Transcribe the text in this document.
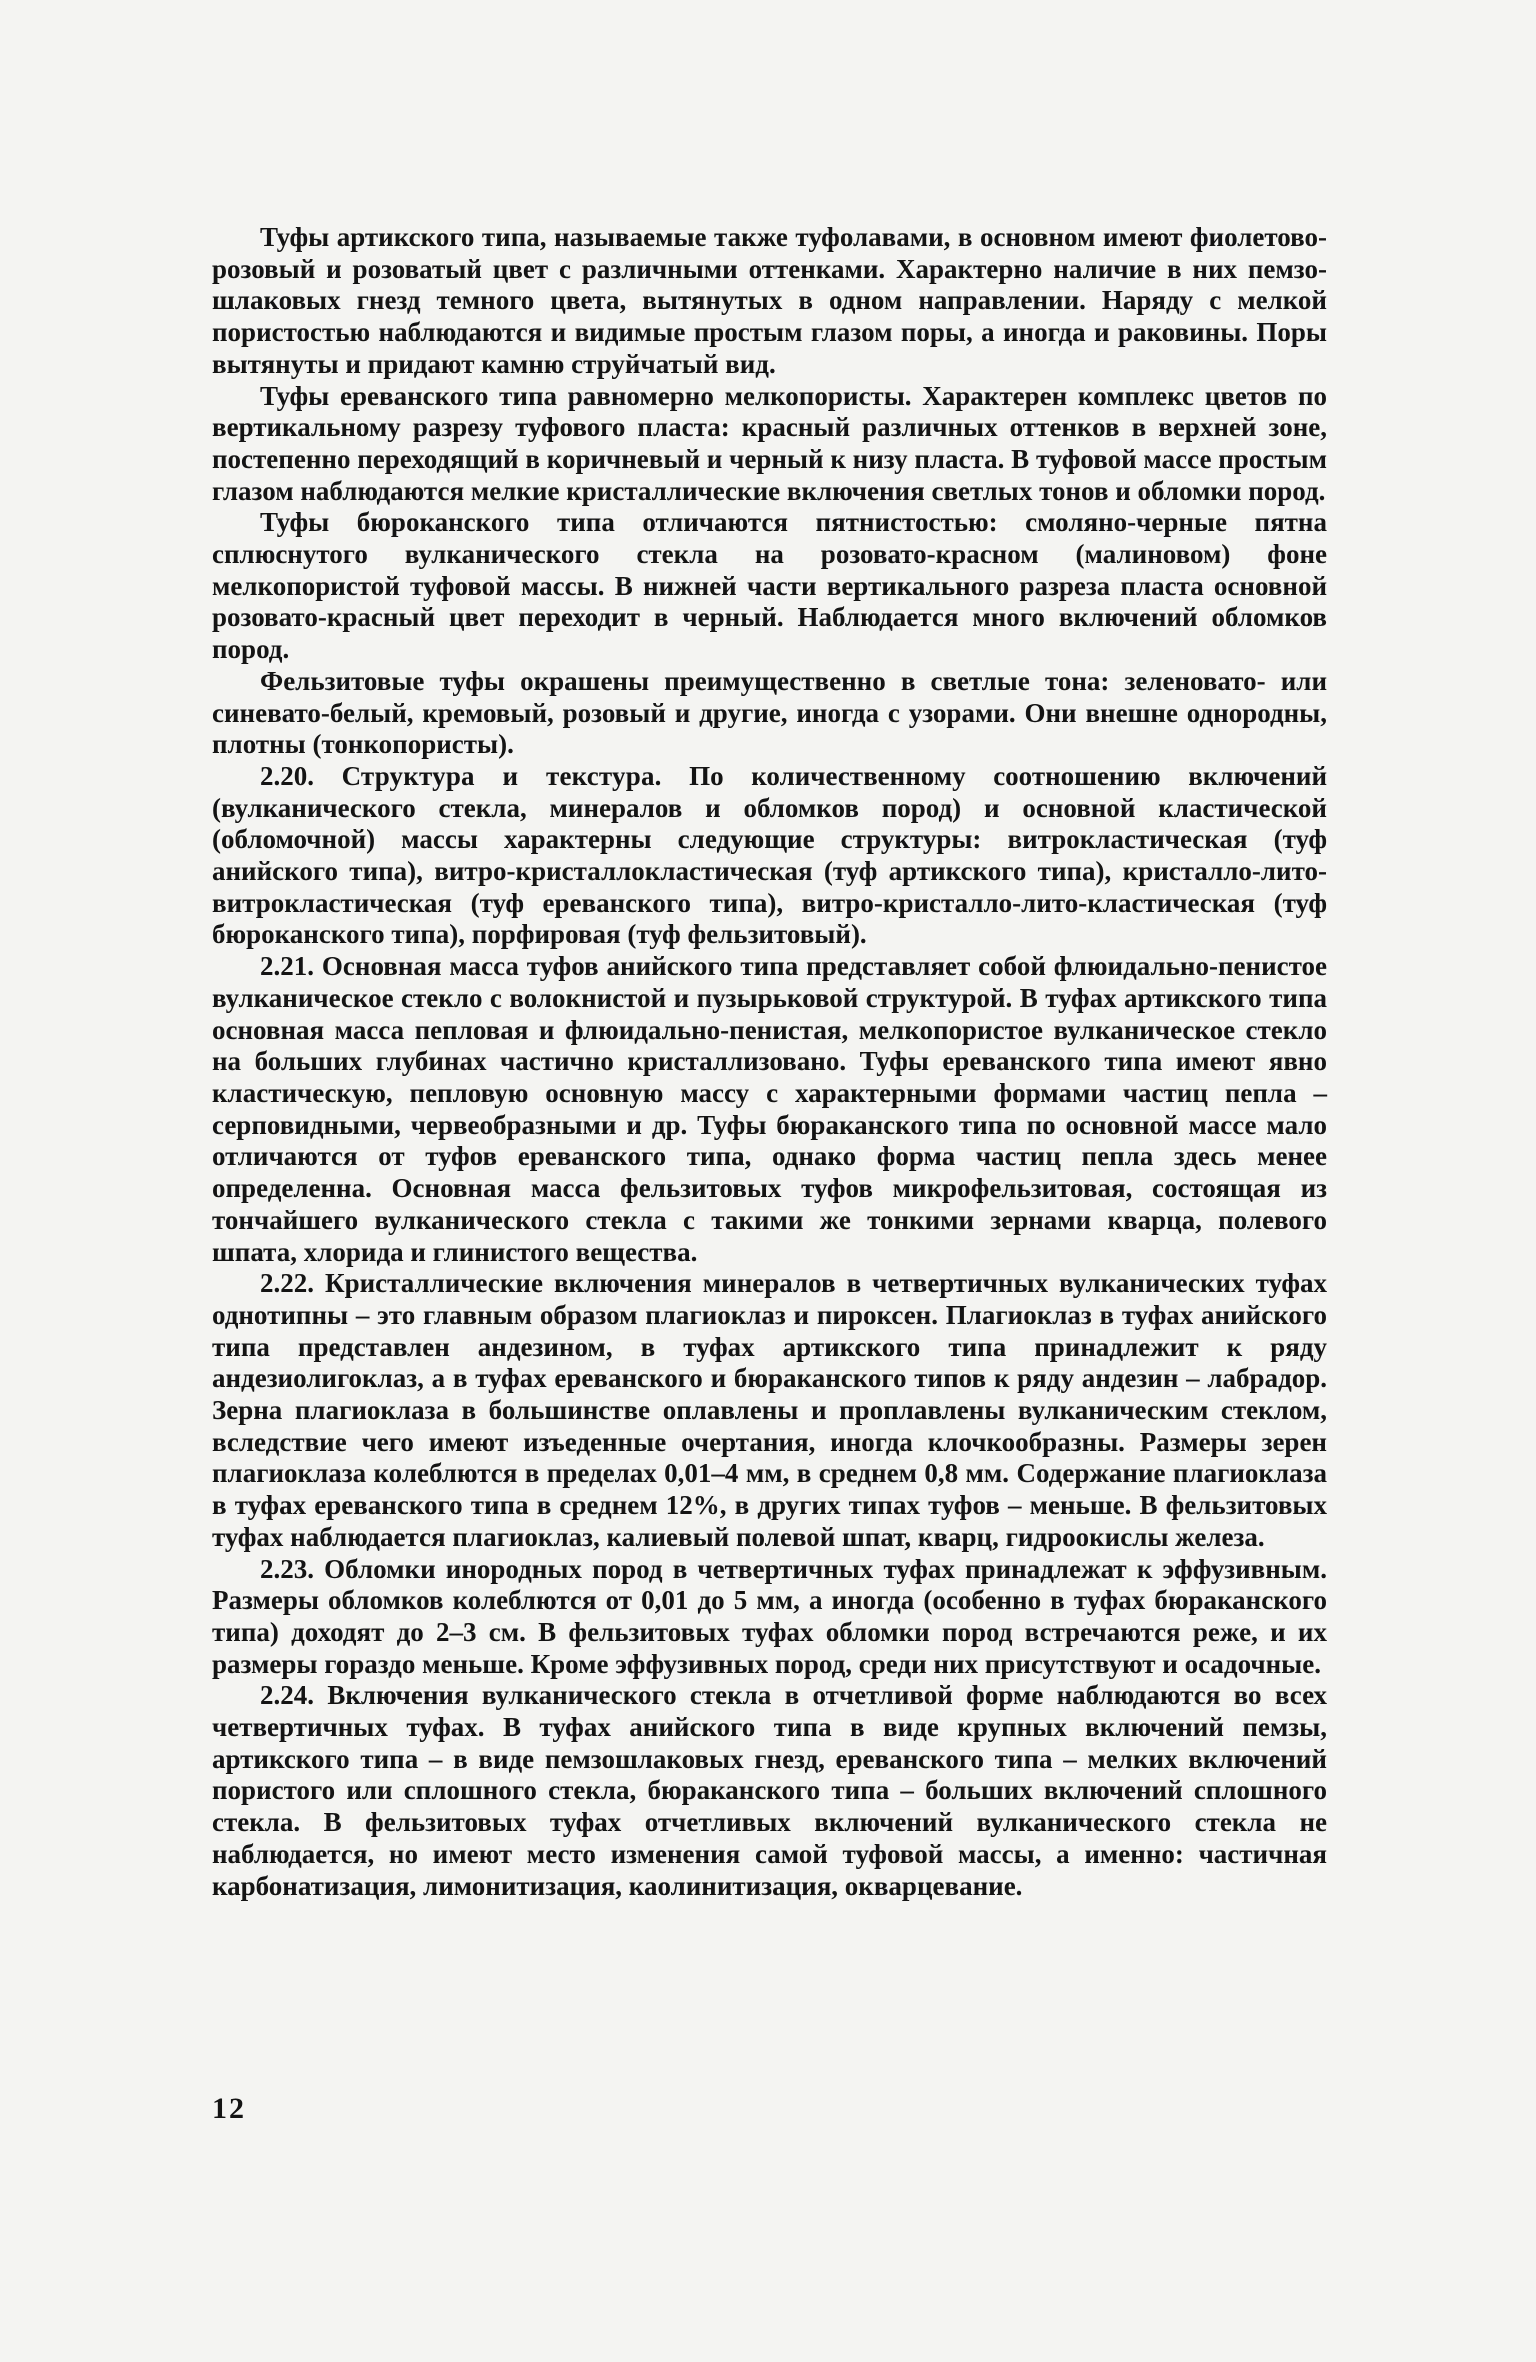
Туфы артикского типа, называемые также туфолавами, в основном имеют фиолетово-розовый и розоватый цвет с различными оттенками. Характерно наличие в них пемзо-шлаковых гнезд темного цвета, вытянутых в одном направлении. Наряду с мелкой пористостью наблюдаются и видимые простым глазом поры, а иногда и раковины. Поры вытянуты и придают камню струйчатый вид.

Туфы ереванского типа равномерно мелкопористы. Характерен комплекс цветов по вертикальному разрезу туфового пласта: красный различных оттенков в верхней зоне, постепенно переходящий в коричневый и черный к низу пласта. В туфовой массе простым глазом наблюдаются мелкие кристаллические включения светлых тонов и обломки пород.

Туфы бюроканского типа отличаются пятнистостью: смоляно-черные пятна сплюснутого вулканического стекла на розовато-красном (малиновом) фоне мелкопористой туфовой массы. В нижней части вертикального разреза пласта основной розовато-красный цвет переходит в черный. Наблюдается много включений обломков пород.

Фельзитовые туфы окрашены преимущественно в светлые тона: зеленовато- или синевато-белый, кремовый, розовый и другие, иногда с узорами. Они внешне однородны, плотны (тонкопористы).

2.20. Структура и текстура. По количественному соотношению включений (вулканического стекла, минералов и обломков пород) и основной кластической (обломочной) массы характерны следующие структуры: витрокластическая (туф анийского типа), витро-кристаллокластическая (туф артикского типа), кристалло-лито-витрокластическая (туф ереванского типа), витро-кристалло-лито-кластическая (туф бюроканского типа), порфировая (туф фельзитовый).

2.21. Основная масса туфов анийского типа представляет собой флюидально-пенистое вулканическое стекло с волокнистой и пузырьковой структурой. В туфах артикского типа основная масса пепловая и флюидально-пенистая, мелкопористое вулканическое стекло на больших глубинах частично кристаллизовано. Туфы ереванского типа имеют явно кластическую, пепловую основную массу с характерными формами частиц пепла – серповидными, червеобразными и др. Туфы бюраканского типа по основной массе мало отличаются от туфов ереванского типа, однако форма частиц пепла здесь менее определенна. Основная масса фельзитовых туфов микрофельзитовая, состоящая из тончайшего вулканического стекла с такими же тонкими зернами кварца, полевого шпата, хлорида и глинистого вещества.

2.22. Кристаллические включения минералов в четвертичных вулканических туфах однотипны – это главным образом плагиоклаз и пироксен. Плагиоклаз в туфах анийского типа представлен андезином, в туфах артикского типа принадлежит к ряду андезиолигоклаз, а в туфах ереванского и бюраканского типов к ряду андезин – лабрадор. Зерна плагиоклаза в большинстве оплавлены и проплавлены вулканическим стеклом, вследствие чего имеют изъеденные очертания, иногда клочкообразны. Размеры зерен плагиоклаза колеблются в пределах 0,01–4 мм, в среднем 0,8 мм. Содержание плагиоклаза в туфах ереванского типа в среднем 12%, в других типах туфов – меньше. В фельзитовых туфах наблюдается плагиоклаз, калиевый полевой шпат, кварц, гидроокислы железа.

2.23. Обломки инородных пород в четвертичных туфах принадлежат к эффузивным. Размеры обломков колеблются от 0,01 до 5 мм, а иногда (особенно в туфах бюраканского типа) доходят до 2–3 см. В фельзитовых туфах обломки пород встречаются реже, и их размеры гораздо меньше. Кроме эффузивных пород, среди них присутствуют и осадочные.

2.24. Включения вулканического стекла в отчетливой форме наблюдаются во всех четвертичных туфах. В туфах анийского типа в виде крупных включений пемзы, артикского типа – в виде пемзошлаковых гнезд, ереванского типа – мелких включений пористого или сплошного стекла, бюраканского типа – больших включений сплошного стекла. В фельзитовых туфах отчетливых включений вулканического стекла не наблюдается, но имеют место изменения самой туфовой массы, а именно: частичная карбонатизация, лимонитизация, каолинитизация, окварцевание.

12
